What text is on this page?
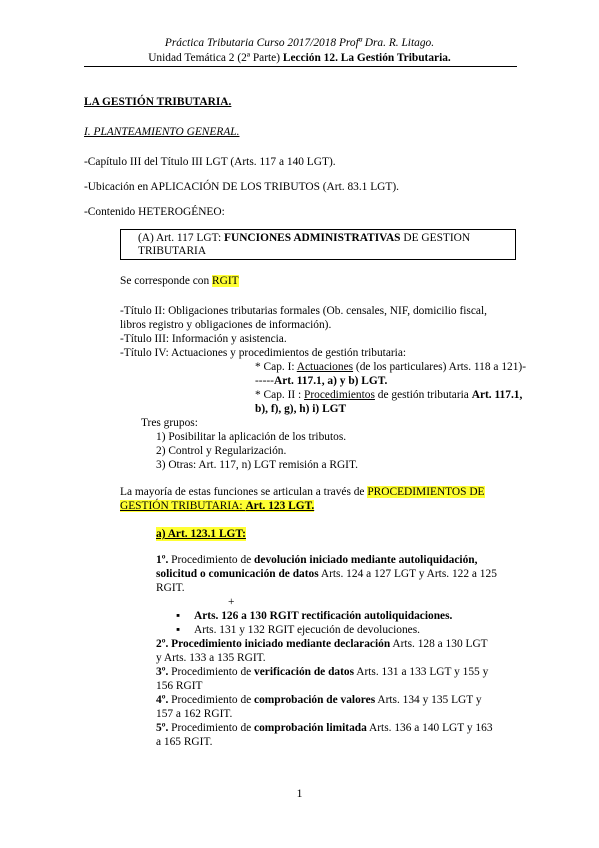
Práctica Tributaria Curso 2017/2018 Profª Dra. R. Litago.
Unidad Temática 2 (2ª Parte) Lección 12. La Gestión Tributaria.
LA GESTIÓN TRIBUTARIA.
I. PLANTEAMIENTO GENERAL.
-Capítulo III del Título III LGT (Arts. 117 a 140 LGT).
-Ubicación en APLICACIÓN DE LOS TRIBUTOS (Art. 83.1 LGT).
-Contenido HETEROGÉNEO:
(A) Art. 117 LGT: FUNCIONES ADMINISTRATIVAS DE GESTION TRIBUTARIA
Se corresponde con RGIT
-Título II: Obligaciones tributarias formales (Ob. censales, NIF, domicilio fiscal,
libros registro y obligaciones de información).
-Título III: Información y asistencia.
-Título IV: Actuaciones y procedimientos de gestión tributaria:
* Cap. I: Actuaciones (de los particulares) Arts. 118 a 121)-
-----Art. 117.1, a) y b) LGT.
* Cap. II : Procedimientos de gestión tributaria Art. 117.1,
b), f), g), h) i) LGT
Tres grupos:
1) Posibilitar la aplicación de los tributos.
2) Control y Regularización.
3) Otras: Art. 117, n) LGT remisión a RGIT.
La mayoría de estas funciones se articulan a través de PROCEDIMIENTOS DE
GESTIÓN TRIBUTARIA: Art. 123 LGT.
a) Art. 123.1 LGT:
1º. Procedimiento de devolución iniciado mediante autoliquidación,
solicitud o comunicación de datos Arts. 124 a 127 LGT y Arts. 122 a 125
RGIT.
+
▪ Arts. 126 a 130 RGIT rectificación autoliquidaciones.
▪ Arts. 131 y 132 RGIT ejecución de devoluciones.
2º. Procedimiento iniciado mediante declaración Arts. 128 a 130 LGT
y Arts. 133 a 135 RGIT.
3º. Procedimiento de verificación de datos Arts. 131 a 133 LGT y 155 y
156 RGIT
4º. Procedimiento de comprobación de valores Arts. 134 y 135 LGT y
157 a 162 RGIT.
5º. Procedimiento de comprobación limitada Arts. 136 a 140 LGT y 163
a 165 RGIT.
1
